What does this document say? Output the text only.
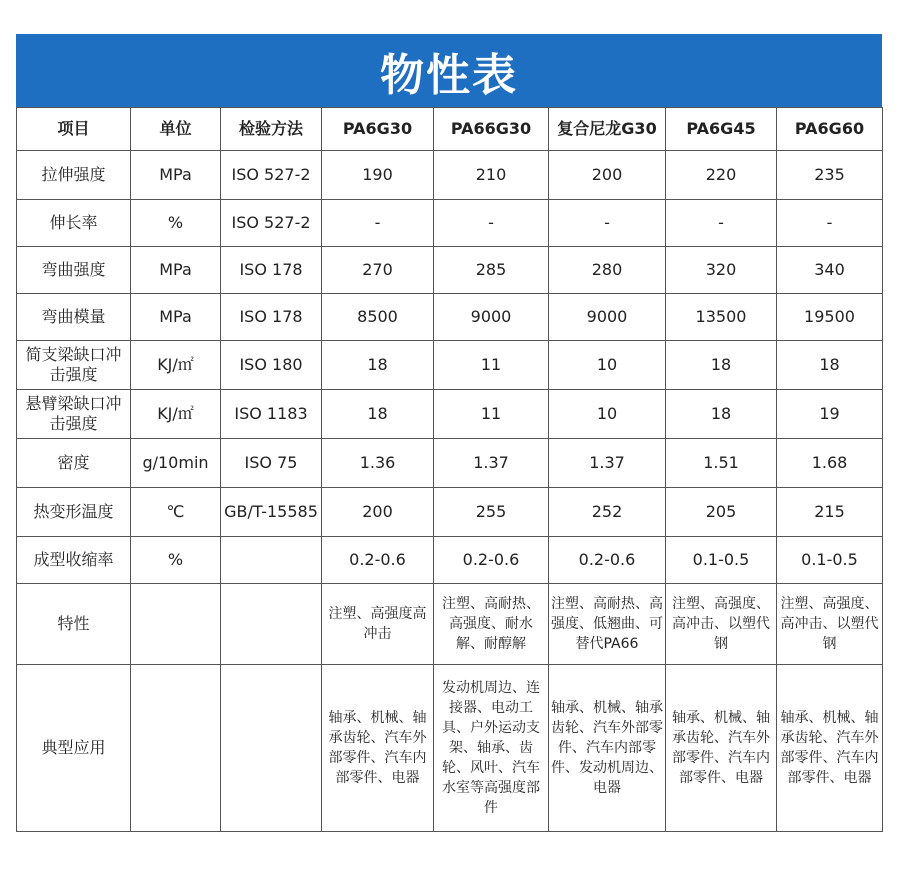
物性表
项目	单位	检验方法	PA6G30	PA66G30	复合尼龙G30	PA6G45	PA6G60
拉伸强度	MPa	ISO 527-2	190	210	200	220	235
伸长率	%	ISO 527-2	-	-	-	-	-
弯曲强度	MPa	ISO 178	270	285	280	320	340
弯曲模量	MPa	ISO 178	8500	9000	9000	13500	19500
简支梁缺口冲击强度	KJ/㎡	ISO 180	18	11	10	18	18
悬臂梁缺口冲击强度	KJ/㎡	ISO 1183	18	11	10	18	19
密度	g/10min	ISO 75	1.36	1.37	1.37	1.51	1.68
热变形温度	℃	GB/T-15585	200	255	252	205	215
成型收缩率	%		0.2-0.6	0.2-0.6	0.2-0.6	0.1-0.5	0.1-0.5
特性			注塑、高强度高冲击	注塑、高耐热、高强度、耐水解、耐醇解	注塑、高耐热、高强度、低翘曲、可替代PA66	注塑、高强度、高冲击、以塑代钢	注塑、高强度、高冲击、以塑代钢
典型应用			轴承、机械、轴承齿轮、汽车外部零件、汽车内部零件、电器	发动机周边、连接器、电动工具、户外运动支架、轴承、齿轮、风叶、汽车水室等高强度部件	轴承、机械、轴承齿轮、汽车外部零件、汽车内部零件、发动机周边、电器	轴承、机械、轴承齿轮、汽车外部零件、汽车内部零件、电器	轴承、机械、轴承齿轮、汽车外部零件、汽车内部零件、电器
